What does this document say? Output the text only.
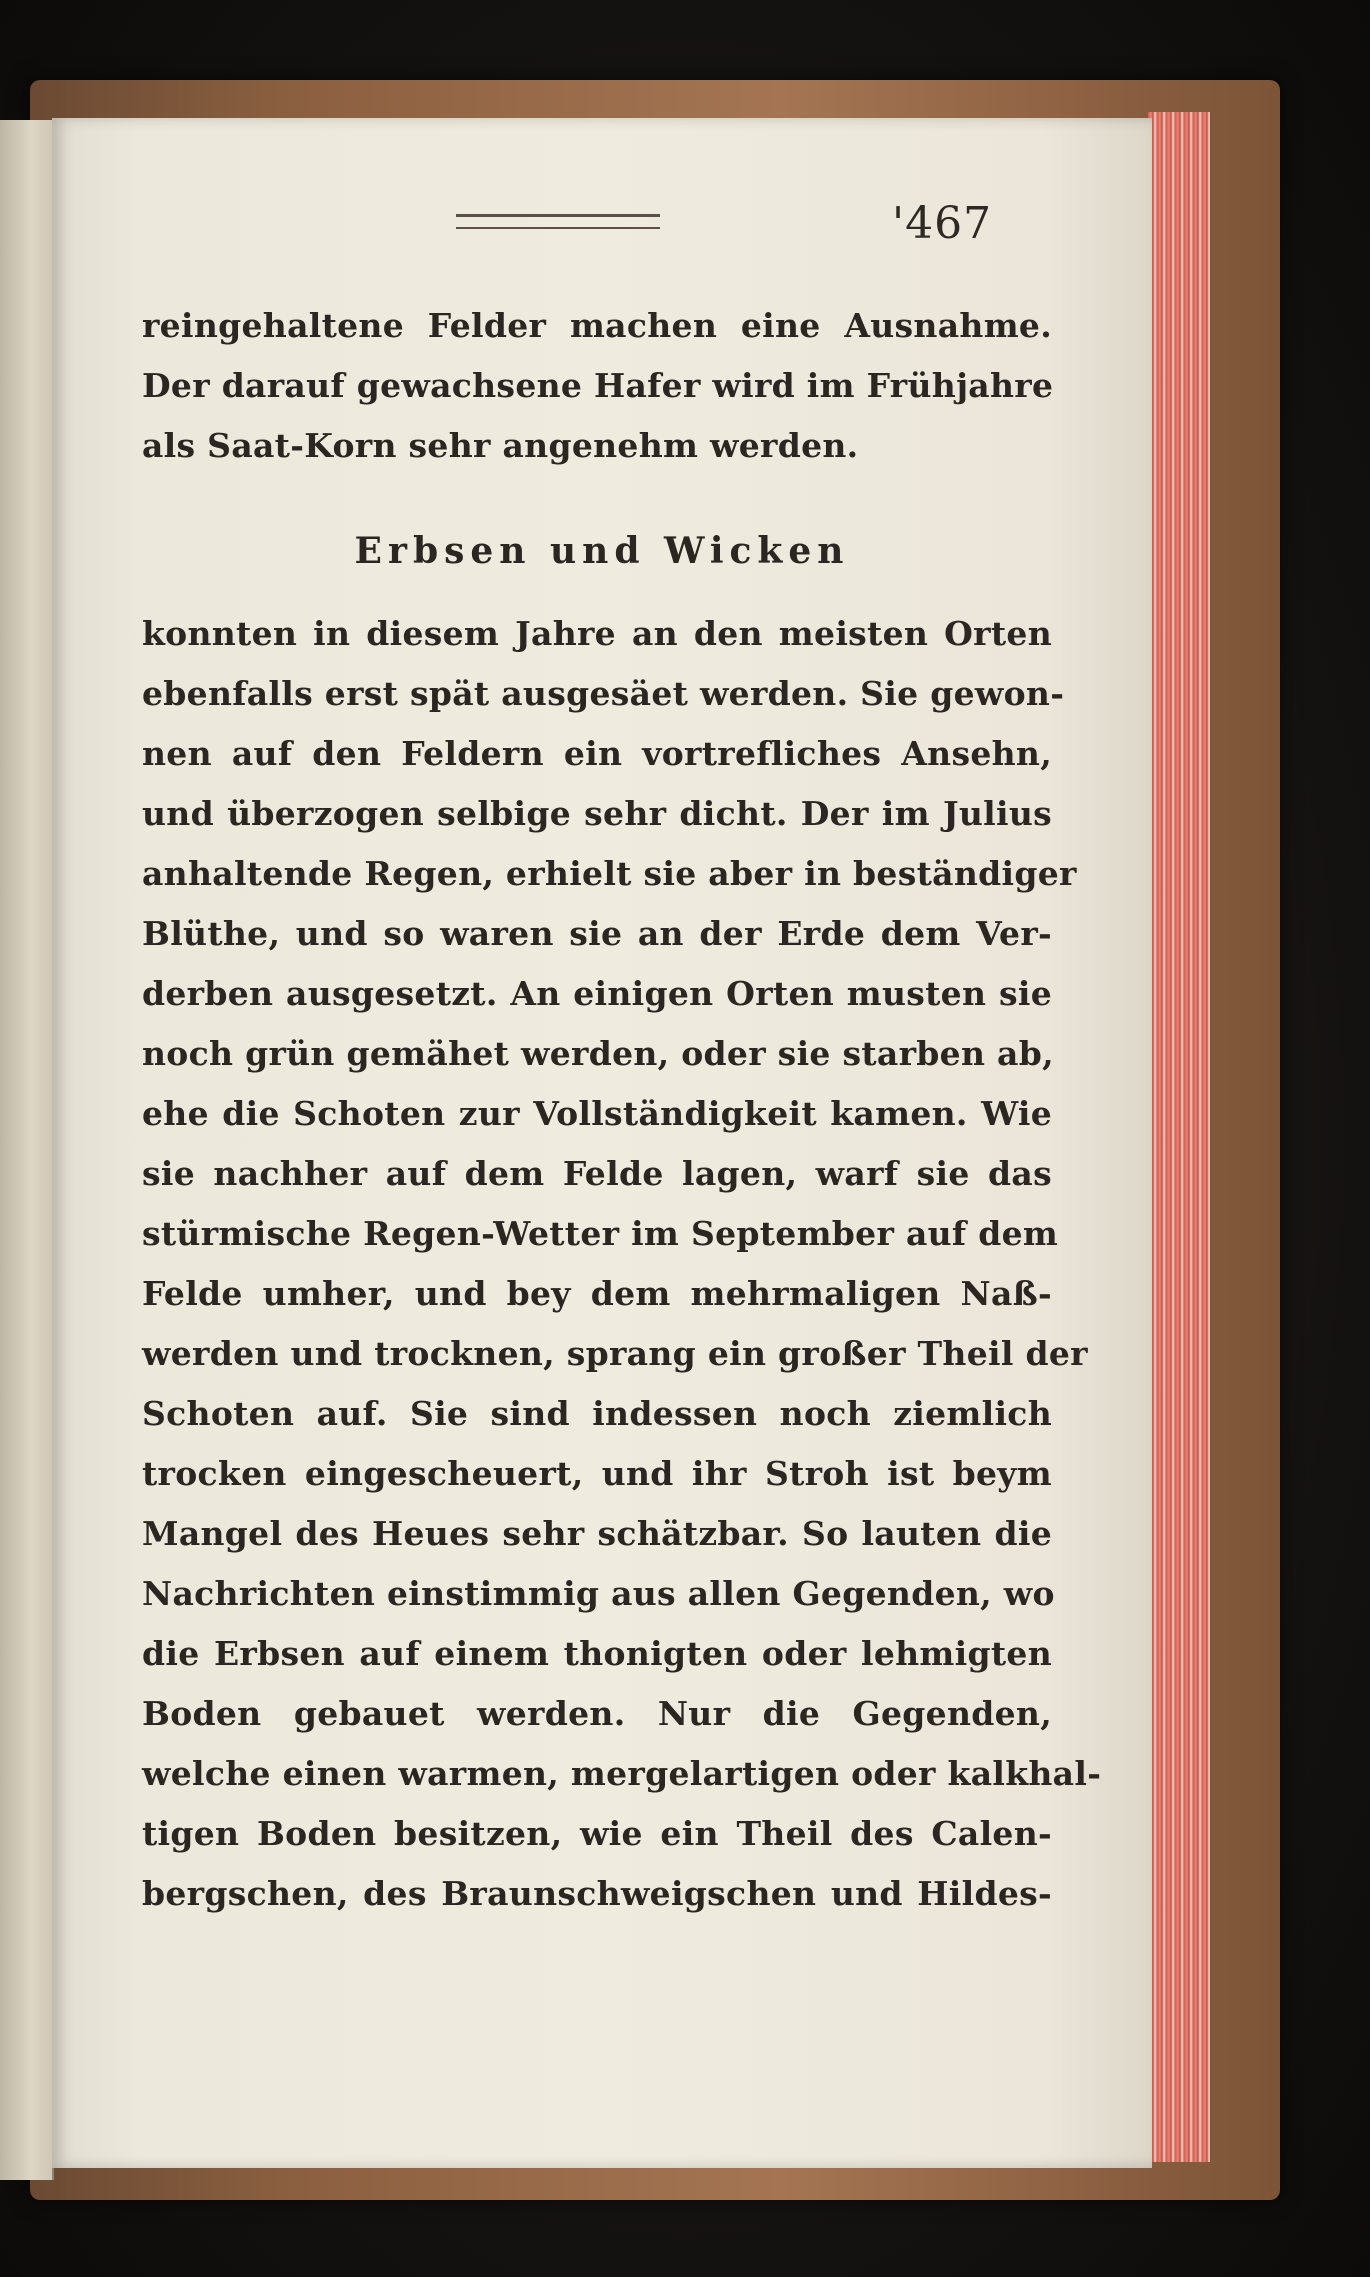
'467
reingehaltene Felder machen eine Ausnahme.
Der darauf gewachsene Hafer wird im Frühjahre
als Saat-Korn sehr angenehm werden.
Erbsen und Wicken
konnten in diesem Jahre an den meisten Orten
ebenfalls erst spät ausgesäet werden. Sie gewon-
nen auf den Feldern ein vortrefliches Ansehn,
und überzogen selbige sehr dicht. Der im Julius
anhaltende Regen, erhielt sie aber in beständiger
Blüthe, und so waren sie an der Erde dem Ver-
derben ausgesetzt. An einigen Orten musten sie
noch grün gemähet werden, oder sie starben ab,
ehe die Schoten zur Vollständigkeit kamen. Wie
sie nachher auf dem Felde lagen, warf sie das
stürmische Regen-Wetter im September auf dem
Felde umher, und bey dem mehrmaligen Naß-
werden und trocknen, sprang ein großer Theil der
Schoten auf. Sie sind indessen noch ziemlich
trocken eingescheuert, und ihr Stroh ist beym
Mangel des Heues sehr schätzbar. So lauten die
Nachrichten einstimmig aus allen Gegenden, wo
die Erbsen auf einem thonigten oder lehmigten
Boden gebauet werden. Nur die Gegenden,
welche einen warmen, mergelartigen oder kalkhal-
tigen Boden besitzen, wie ein Theil des Calen-
bergschen, des Braunschweigschen und Hildes-
